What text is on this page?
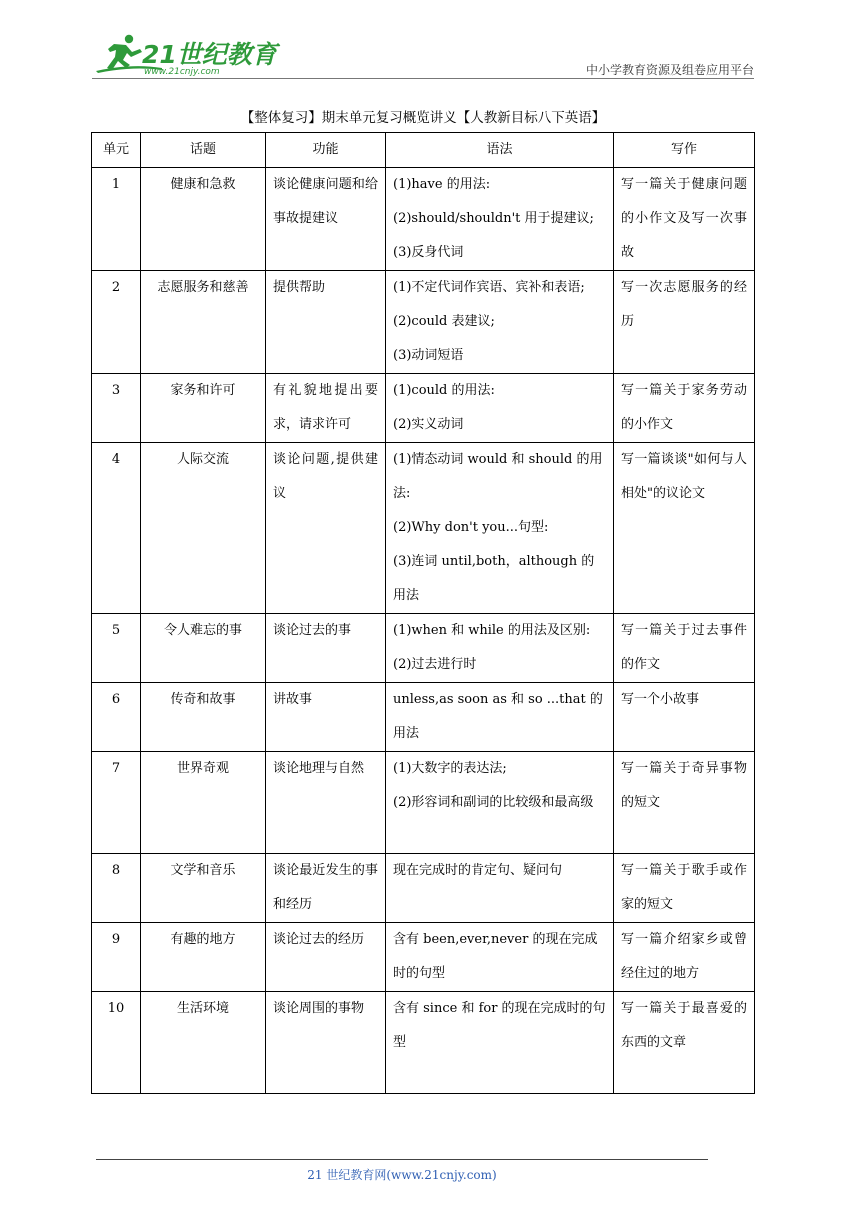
21世纪教育
www.21cnjy.com	中小学教育资源及组卷应用平台
【整体复习】期末单元复习概览讲义【人教新目标八下英语】
单元	话题	功能	语法	写作
1	健康和急救	谈论健康问题和给事故提建议	(1)have 的用法:
(2)should/shouldn't 用于提建议;
(3)反身代词	写一篇关于健康问题的小作文及写一次事故
2	志愿服务和慈善	提供帮助	(1)不定代词作宾语、宾补和表语;
(2)could 表建议;
(3)动词短语	写一次志愿服务的经历
3	家务和许可	有礼貌地提出要求，请求许可	(1)could 的用法:
(2)实义动词	写一篇关于家务劳动的小作文
4	人际交流	谈论问题,提供建议	(1)情态动词 would 和 should 的用法:
(2)Why don't you...句型:
(3)连词 until,both，although 的用法	写一篇谈谈"如何与人相处"的议论文
5	令人难忘的事	谈论过去的事	(1)when 和 while 的用法及区别:
(2)过去进行时	写一篇关于过去事件的作文
6	传奇和故事	讲故事	unless,as soon as 和 so ...that 的用法	写一个小故事
7	世界奇观	谈论地理与自然	(1)大数字的表达法;
(2)形容词和副词的比较级和最高级	写一篇关于奇异事物的短文
8	文学和音乐	谈论最近发生的事和经历	现在完成时的肯定句、疑问句	写一篇关于歌手或作家的短文
9	有趣的地方	谈论过去的经历	含有 been,ever,never 的现在完成时的句型	写一篇介绍家乡或曾经住过的地方
10	生活环境	谈论周围的事物	含有 since 和 for 的现在完成时的句型	写一篇关于最喜爱的东西的文章
21 世纪教育网(www.21cnjy.com)
